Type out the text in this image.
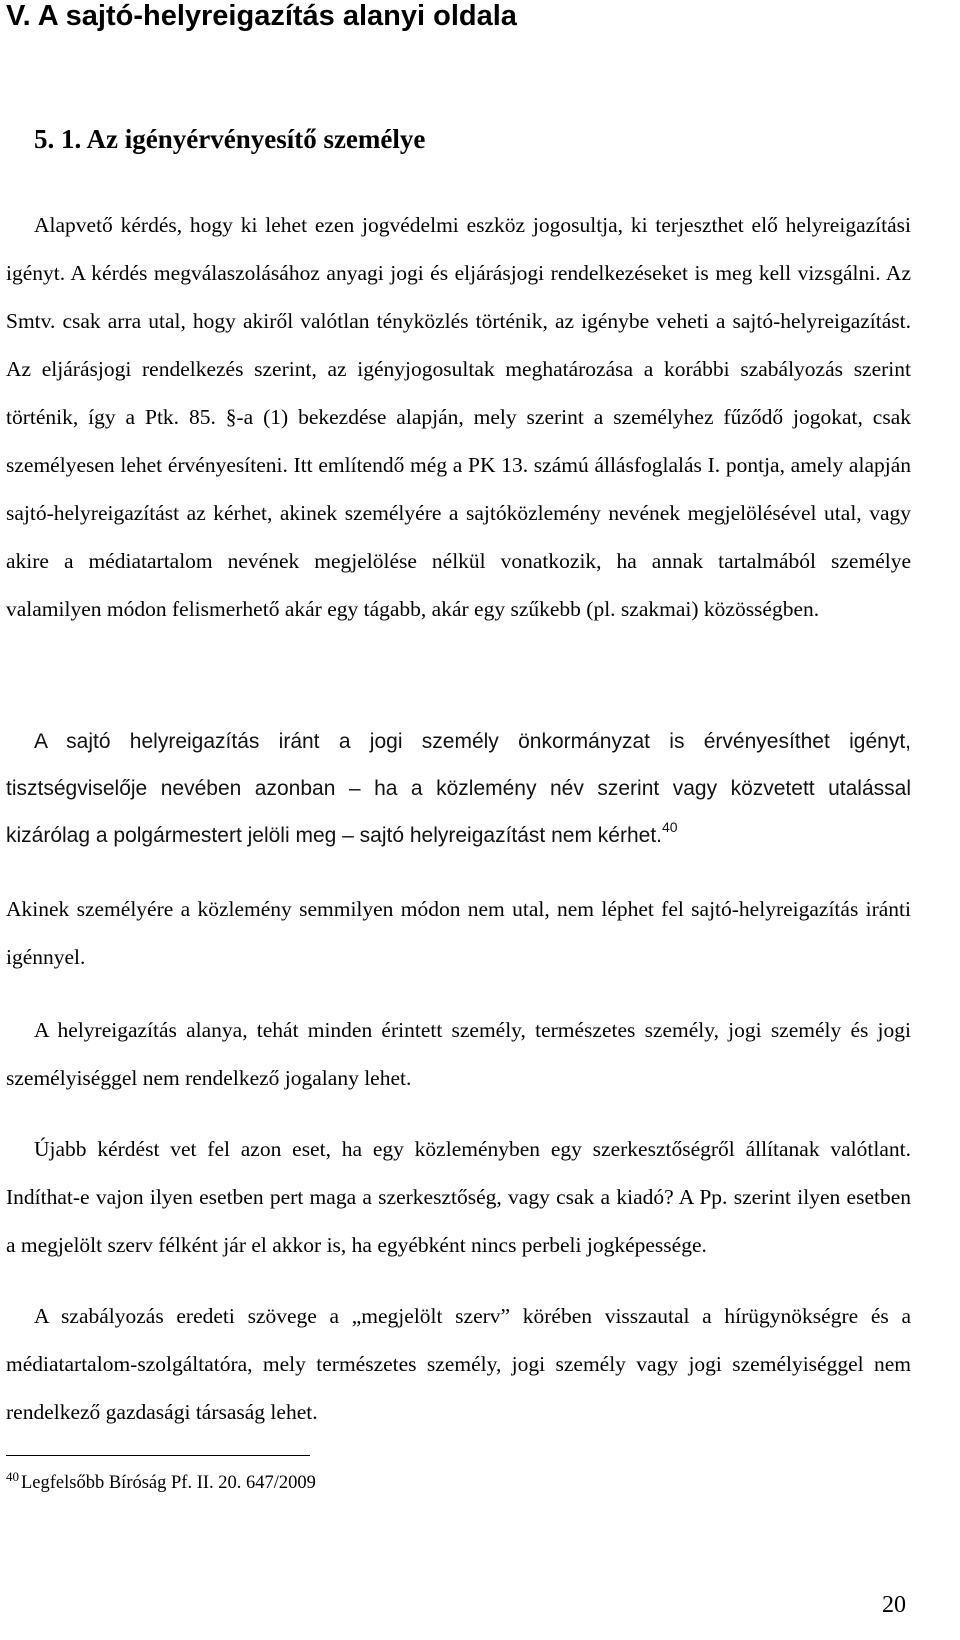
V. A sajtó-helyreigazítás alanyi oldala
5. 1. Az igényérvényesítő személye

Alapvető kérdés, hogy ki lehet ezen jogvédelmi eszköz jogosultja, ki terjeszthet elő helyreigazítási igényt. A kérdés megválaszolásához anyagi jogi és eljárásjogi rendelkezéseket is meg kell vizsgálni. Az Smtv. csak arra utal, hogy akiről valótlan tényközlés történik, az igénybe veheti a sajtó-helyreigazítást. Az eljárásjogi rendelkezés szerint, az igényjogosultak meghatározása a korábbi szabályozás szerint történik, így a Ptk. 85. §-a (1) bekezdése alapján, mely szerint a személyhez fűződő jogokat, csak személyesen lehet érvényesíteni. Itt említendő még a PK 13. számú állásfoglalás I. pontja, amely alapján sajtó-helyreigazítást az kérhet, akinek személyére a sajtóközlemény nevének megjelölésével utal, vagy akire a médiatartalom nevének megjelölése nélkül vonatkozik, ha annak tartalmából személye valamilyen módon felismerhető akár egy tágabb, akár egy szűkebb (pl. szakmai) közösségben.

A sajtó helyreigazítás iránt a jogi személy önkormányzat is érvényesíthet igényt, tisztségviselője nevében azonban – ha a közlemény név szerint vagy közvetett utalással kizárólag a polgármestert jelöli meg – sajtó helyreigazítást nem kérhet.$^{40}$

Akinek személyére a közlemény semmilyen módon nem utal, nem léphet fel sajtó-helyreigazítás iránti igénnyel.

A helyreigazítás alanya, tehát minden érintett személy, természetes személy, jogi személy és jogi személyiséggel nem rendelkező jogalany lehet.

Újabb kérdést vet fel azon eset, ha egy közleményben egy szerkesztőségről állítanak valótlant. Indíthat-e vajon ilyen esetben pert maga a szerkesztőség, vagy csak a kiadó? A Pp. szerint ilyen esetben a megjelölt szerv félként jár el akkor is, ha egyébként nincs perbeli jogképessége.

A szabályozás eredeti szövege a „megjelölt szerv” körében visszautal a hírügynökségre és a médiatartalom-szolgáltatóra, mely természetes személy, jogi személy vagy jogi személyiséggel nem rendelkező gazdasági társaság lehet.

$^{40}$ Legfelsőbb Bíróság Pf. II. 20. 647/2009

20
